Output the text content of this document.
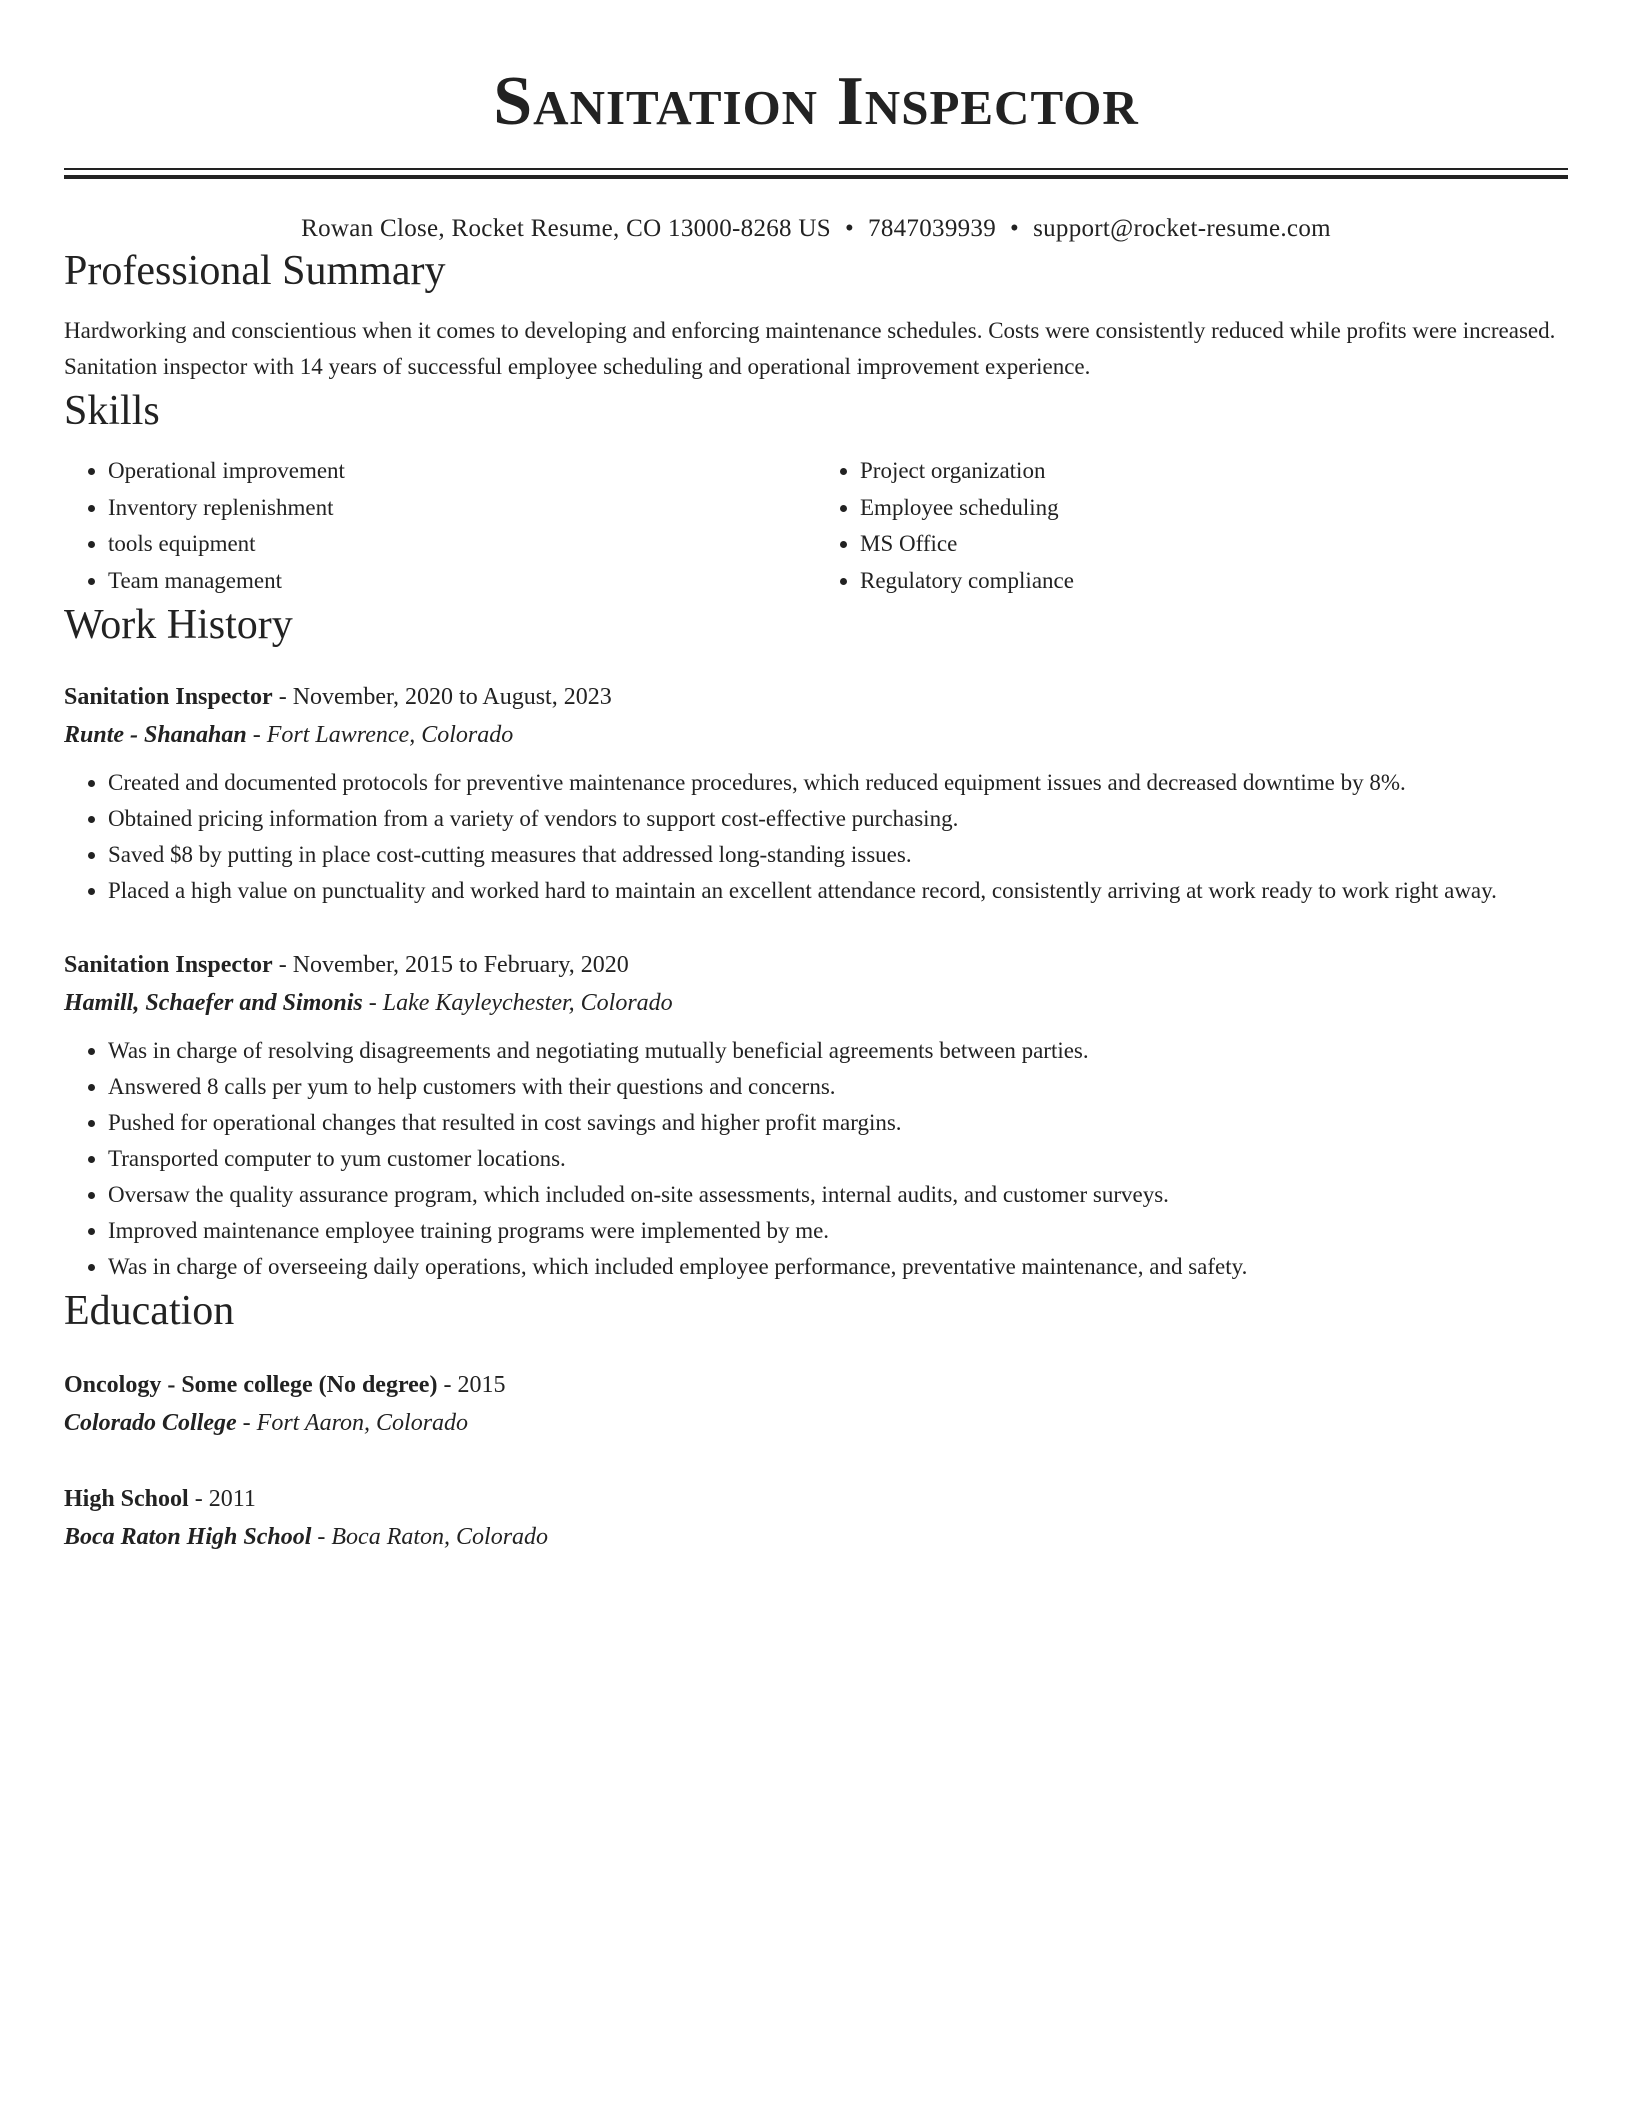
Sanitation Inspector
Rowan Close, Rocket Resume, CO 13000-8268 US • 7847039939 • support@rocket-resume.com
Professional Summary

Hardworking and conscientious when it comes to developing and enforcing maintenance schedules. Costs were consistently reduced while profits were increased. Sanitation inspector with 14 years of successful employee scheduling and operational improvement experience.

Skills
• Operational improvement
• Inventory replenishment
• tools equipment
• Team management
• Project organization
• Employee scheduling
• MS Office
• Regulatory compliance
Work History
Sanitation Inspector - November, 2020 to August, 2023
Runte - Shanahan - Fort Lawrence, Colorado
• Created and documented protocols for preventive maintenance procedures, which reduced equipment issues and decreased downtime by 8%.
• Obtained pricing information from a variety of vendors to support cost-effective purchasing.
• Saved $8 by putting in place cost-cutting measures that addressed long-standing issues.
• Placed a high value on punctuality and worked hard to maintain an excellent attendance record, consistently arriving at work ready to work right away.
Sanitation Inspector - November, 2015 to February, 2020
Hamill, Schaefer and Simonis - Lake Kayleychester, Colorado
• Was in charge of resolving disagreements and negotiating mutually beneficial agreements between parties.
• Answered 8 calls per yum to help customers with their questions and concerns.
• Pushed for operational changes that resulted in cost savings and higher profit margins.
• Transported computer to yum customer locations.
• Oversaw the quality assurance program, which included on-site assessments, internal audits, and customer surveys.
• Improved maintenance employee training programs were implemented by me.
• Was in charge of overseeing daily operations, which included employee performance, preventative maintenance, and safety.
Education
Oncology - Some college (No degree) - 2015
Colorado College - Fort Aaron, Colorado
High School - 2011
Boca Raton High School - Boca Raton, Colorado
